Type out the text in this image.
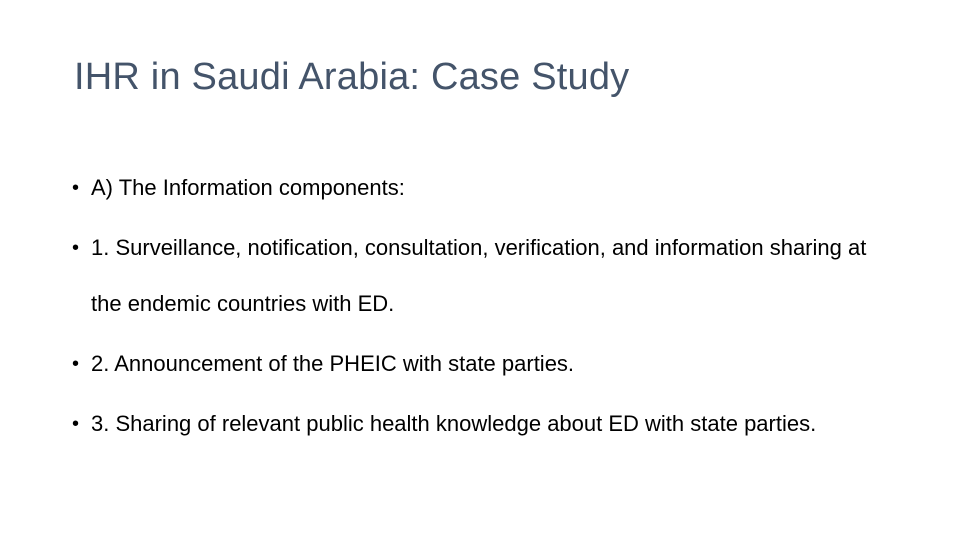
IHR in Saudi Arabia: Case Study
• A) The Information components:
• 1. Surveillance, notification, consultation, verification, and information sharing at the endemic countries with ED.
• 2. Announcement of the PHEIC with state parties.
• 3. Sharing of relevant public health knowledge about ED with state parties.
